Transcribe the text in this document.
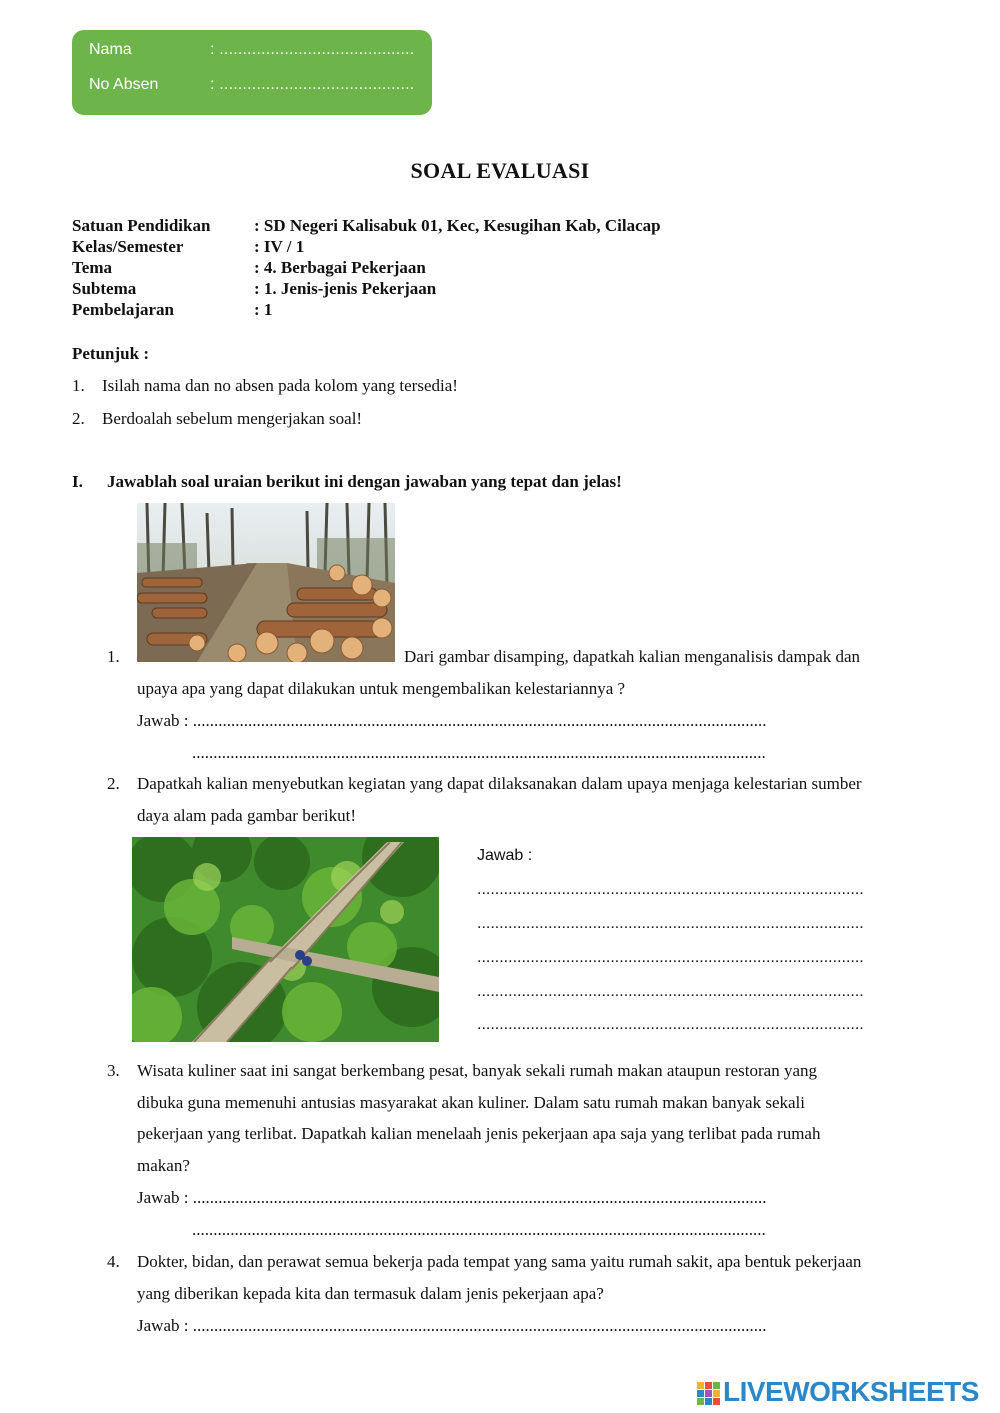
Nama	: ..........................................
No Absen	: ..........................................
SOAL EVALUASI
Satuan Pendidikan	: SD Negeri Kalisabuk 01, Kec, Kesugihan Kab, Cilacap
Kelas/Semester	: IV / 1
Tema	: 4. Berbagai Pekerjaan
Subtema	: 1. Jenis-jenis Pekerjaan
Pembelajaran	: 1
Petunjuk :
1. Isilah nama dan no absen pada kolom yang tersedia!
2. Berdoalah sebelum mengerjakan soal!
I. Jawablah soal uraian berikut ini dengan jawaban yang tepat dan jelas!
1.	Dari gambar disamping, dapatkah kalian menganalisis dampak dan
upaya apa yang dapat dilakukan untuk mengembalikan kelestariannya ?
Jawab : .......................................................................................................................................
.......................................................................................................................................
2. Dapatkah kalian menyebutkan kegiatan yang dapat dilaksanakan dalam upaya menjaga kelestarian sumber
daya alam pada gambar berikut!
Jawab :
.......................................................................................
.......................................................................................
.......................................................................................
.......................................................................................
.......................................................................................
3. Wisata kuliner saat ini sangat berkembang pesat, banyak sekali rumah makan ataupun restoran yang
dibuka guna memenuhi antusias masyarakat akan kuliner. Dalam satu rumah makan banyak sekali
pekerjaan yang terlibat. Dapatkah kalian menelaah jenis pekerjaan apa saja yang terlibat pada rumah
makan?
Jawab : .......................................................................................................................................
.......................................................................................................................................
4. Dokter, bidan, dan perawat semua bekerja pada tempat yang sama yaitu rumah sakit, apa bentuk pekerjaan
yang diberikan kepada kita dan termasuk dalam jenis pekerjaan apa?
Jawab : .......................................................................................................................................
LIVEWORKSHEETS
